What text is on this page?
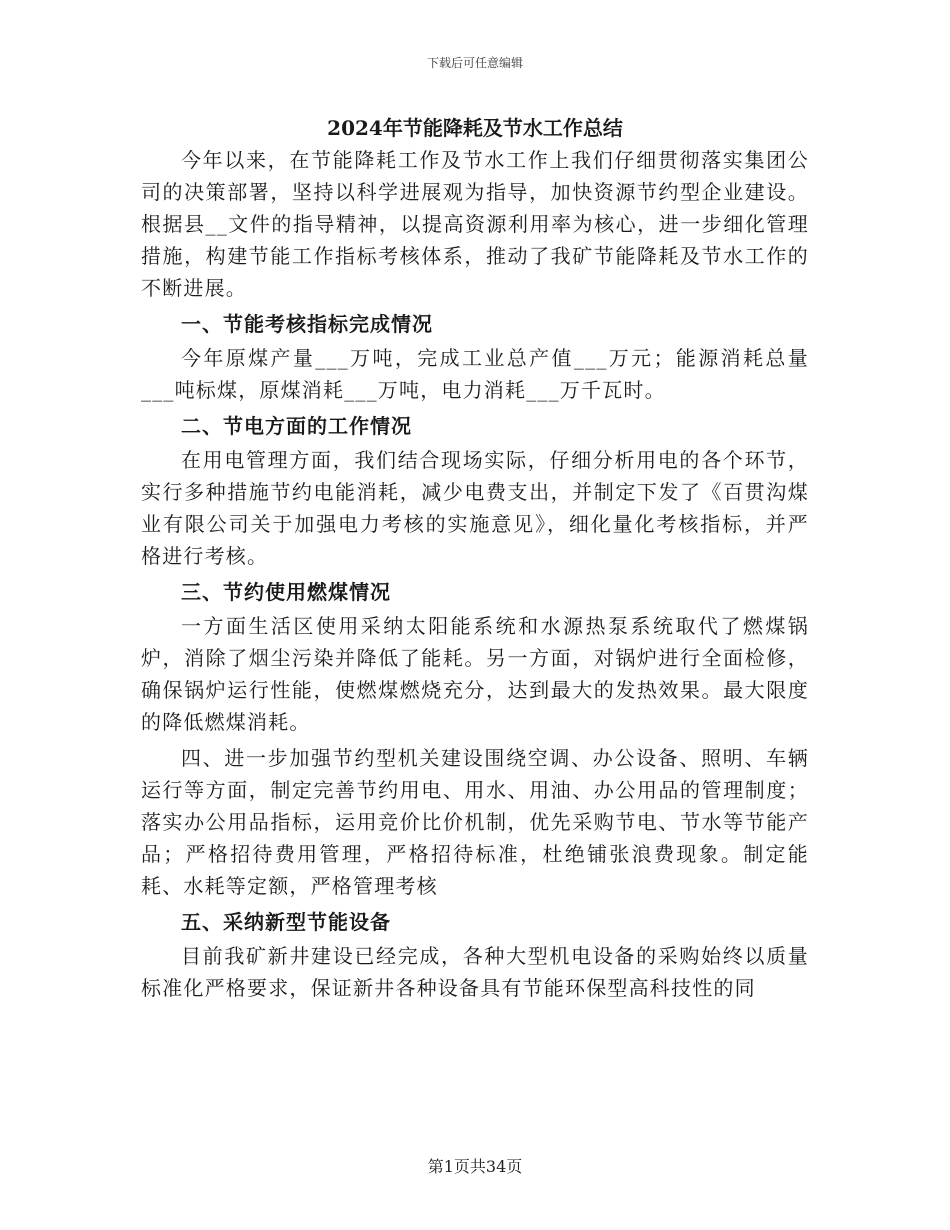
下载后可任意编辑
2024年节能降耗及节水工作总结

今年以来，在节能降耗工作及节水工作上我们仔细贯彻落实集团公司的决策部署，坚持以科学进展观为指导，加快资源节约型企业建设。根据县__文件的指导精神，以提高资源利用率为核心，进一步细化管理措施，构建节能工作指标考核体系，推动了我矿节能降耗及节水工作的不断进展。

一、节能考核指标完成情况

今年原煤产量___万吨，完成工业总产值___万元；能源消耗总量___吨标煤，原煤消耗___万吨，电力消耗___万千瓦时。

二、节电方面的工作情况

在用电管理方面，我们结合现场实际，仔细分析用电的各个环节，实行多种措施节约电能消耗，减少电费支出，并制定下发了《百贯沟煤业有限公司关于加强电力考核的实施意见》，细化量化考核指标，并严格进行考核。

三、节约使用燃煤情况

一方面生活区使用采纳太阳能系统和水源热泵系统取代了燃煤锅炉，消除了烟尘污染并降低了能耗。另一方面，对锅炉进行全面检修，确保锅炉运行性能，使燃煤燃烧充分，达到最大的发热效果。最大限度的降低燃煤消耗。

四、进一步加强节约型机关建设围绕空调、办公设备、照明、车辆运行等方面，制定完善节约用电、用水、用油、办公用品的管理制度；落实办公用品指标，运用竞价比价机制，优先采购节电、节水等节能产品；严格招待费用管理，严格招待标准，杜绝铺张浪费现象。制定能耗、水耗等定额，严格管理考核

五、采纳新型节能设备

目前我矿新井建设已经完成，各种大型机电设备的采购始终以质量标准化严格要求，保证新井各种设备具有节能环保型高科技性的同

第1页共34页
